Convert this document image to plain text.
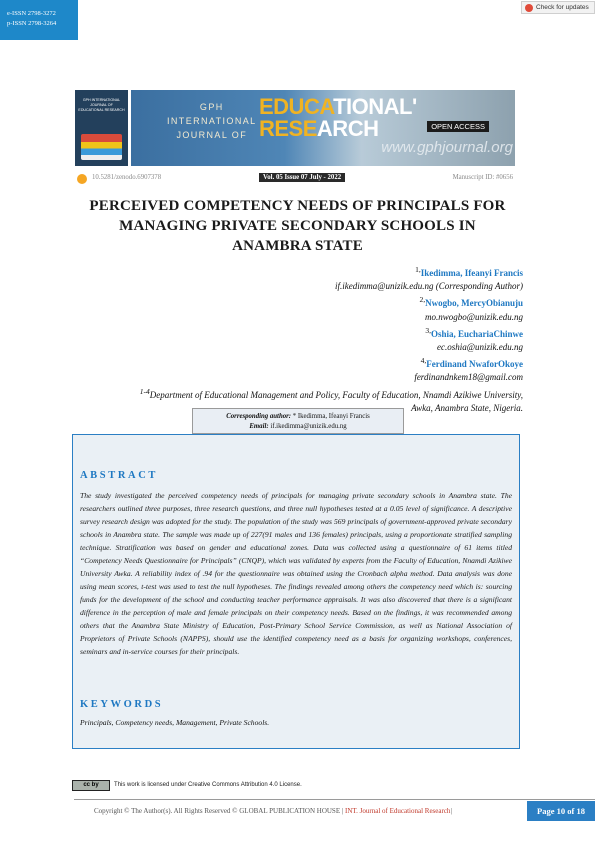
e-ISSN 2798-3272
p-ISSN 2798-3264
Check for updates
GPH INTERNATIONAL JOURNAL OF EDUCATIONAL RESEARCH	GPH
INTERNATIONAL
JOURNAL OF
EDUCATIONAL'
RESEARCH	OPEN ACCESS
www.gphjournal.org
10.5281/zenodo.6907378	Vol. 05 Issue 07 July - 2022	Manuscript ID: #0656
PERCEIVED COMPETENCY NEEDS OF PRINCIPALS FOR
MANAGING PRIVATE SECONDARY SCHOOLS IN
ANAMBRA STATE
$^{1,}$Ikedimma, Ifeanyi Francis
if.ikedimma@unizik.edu.ng (Corresponding Author)
$^{2,}$Nwogbo, MercyObianuju
mo.nwogbo@unizik.edu.ng
$^{3,}$Oshia, EuchariaChinwe
ec.oshia@unizik.edu.ng
$^{4,}$Ferdinand NwaforOkoye
ferdinandnkem18@gmail.com
$^{1-4}$Department of Educational Management and Policy, Faculty of Education, Nnamdi Azikiwe University,
Awka, Anambra State, Nigeria.
Corresponding author: * Ikedimma, Ifeanyi Francis
Email: if.ikedimma@unizik.edu.ng
ABSTRACT
The study investigated the perceived competency needs of principals for managing private secondary schools in Anambra state. The researchers outlined three purposes, three research questions, and three null hypotheses tested at a 0.05 level of significance. A descriptive survey research design was adopted for the study. The population of the study was 569 principals of government-approved private secondary schools in Anambra state. The sample was made up of 227(91 males and 136 females) principals, using a proportionate stratified sampling technique. Stratification was based on gender and educational zones. Data was collected using a questionnaire of 61 items titled “Competency Needs Questionnaire for Principals” (CNQP), which was validated by experts from the Faculty of Education, Nnamdi Azikiwe University Awka. A reliability index of .94 for the questionnaire was obtained using the Cronbach alpha method. Data analysis was done using mean scores, t-test was used to test the null hypotheses. The findings revealed among others the competency need which is: sourcing funds for the development of the school and conducting teacher performance appraisals. It was also discovered that there is a significant difference in the perception of male and female principals on their competency needs. Based on the findings, it was recommended among others that the Anambra State Ministry of Education, Post-Primary School Service Commission, as well as National Association of Proprietors of Private Schools (NAPPS), should use the identified competency need as a basis for organizing workshops, conferences, seminars and in-service courses for their principals.
KEYWORDS
Principals, Competency needs, Management, Private Schools.
cc by	This work is licensed under Creative Commons Attribution 4.0 License.
Copyright © The Author(s). All Rights Reserved © GLOBAL PUBLICATION HOUSE | INT. Journal of Educational Research|	Page 10 of 18
